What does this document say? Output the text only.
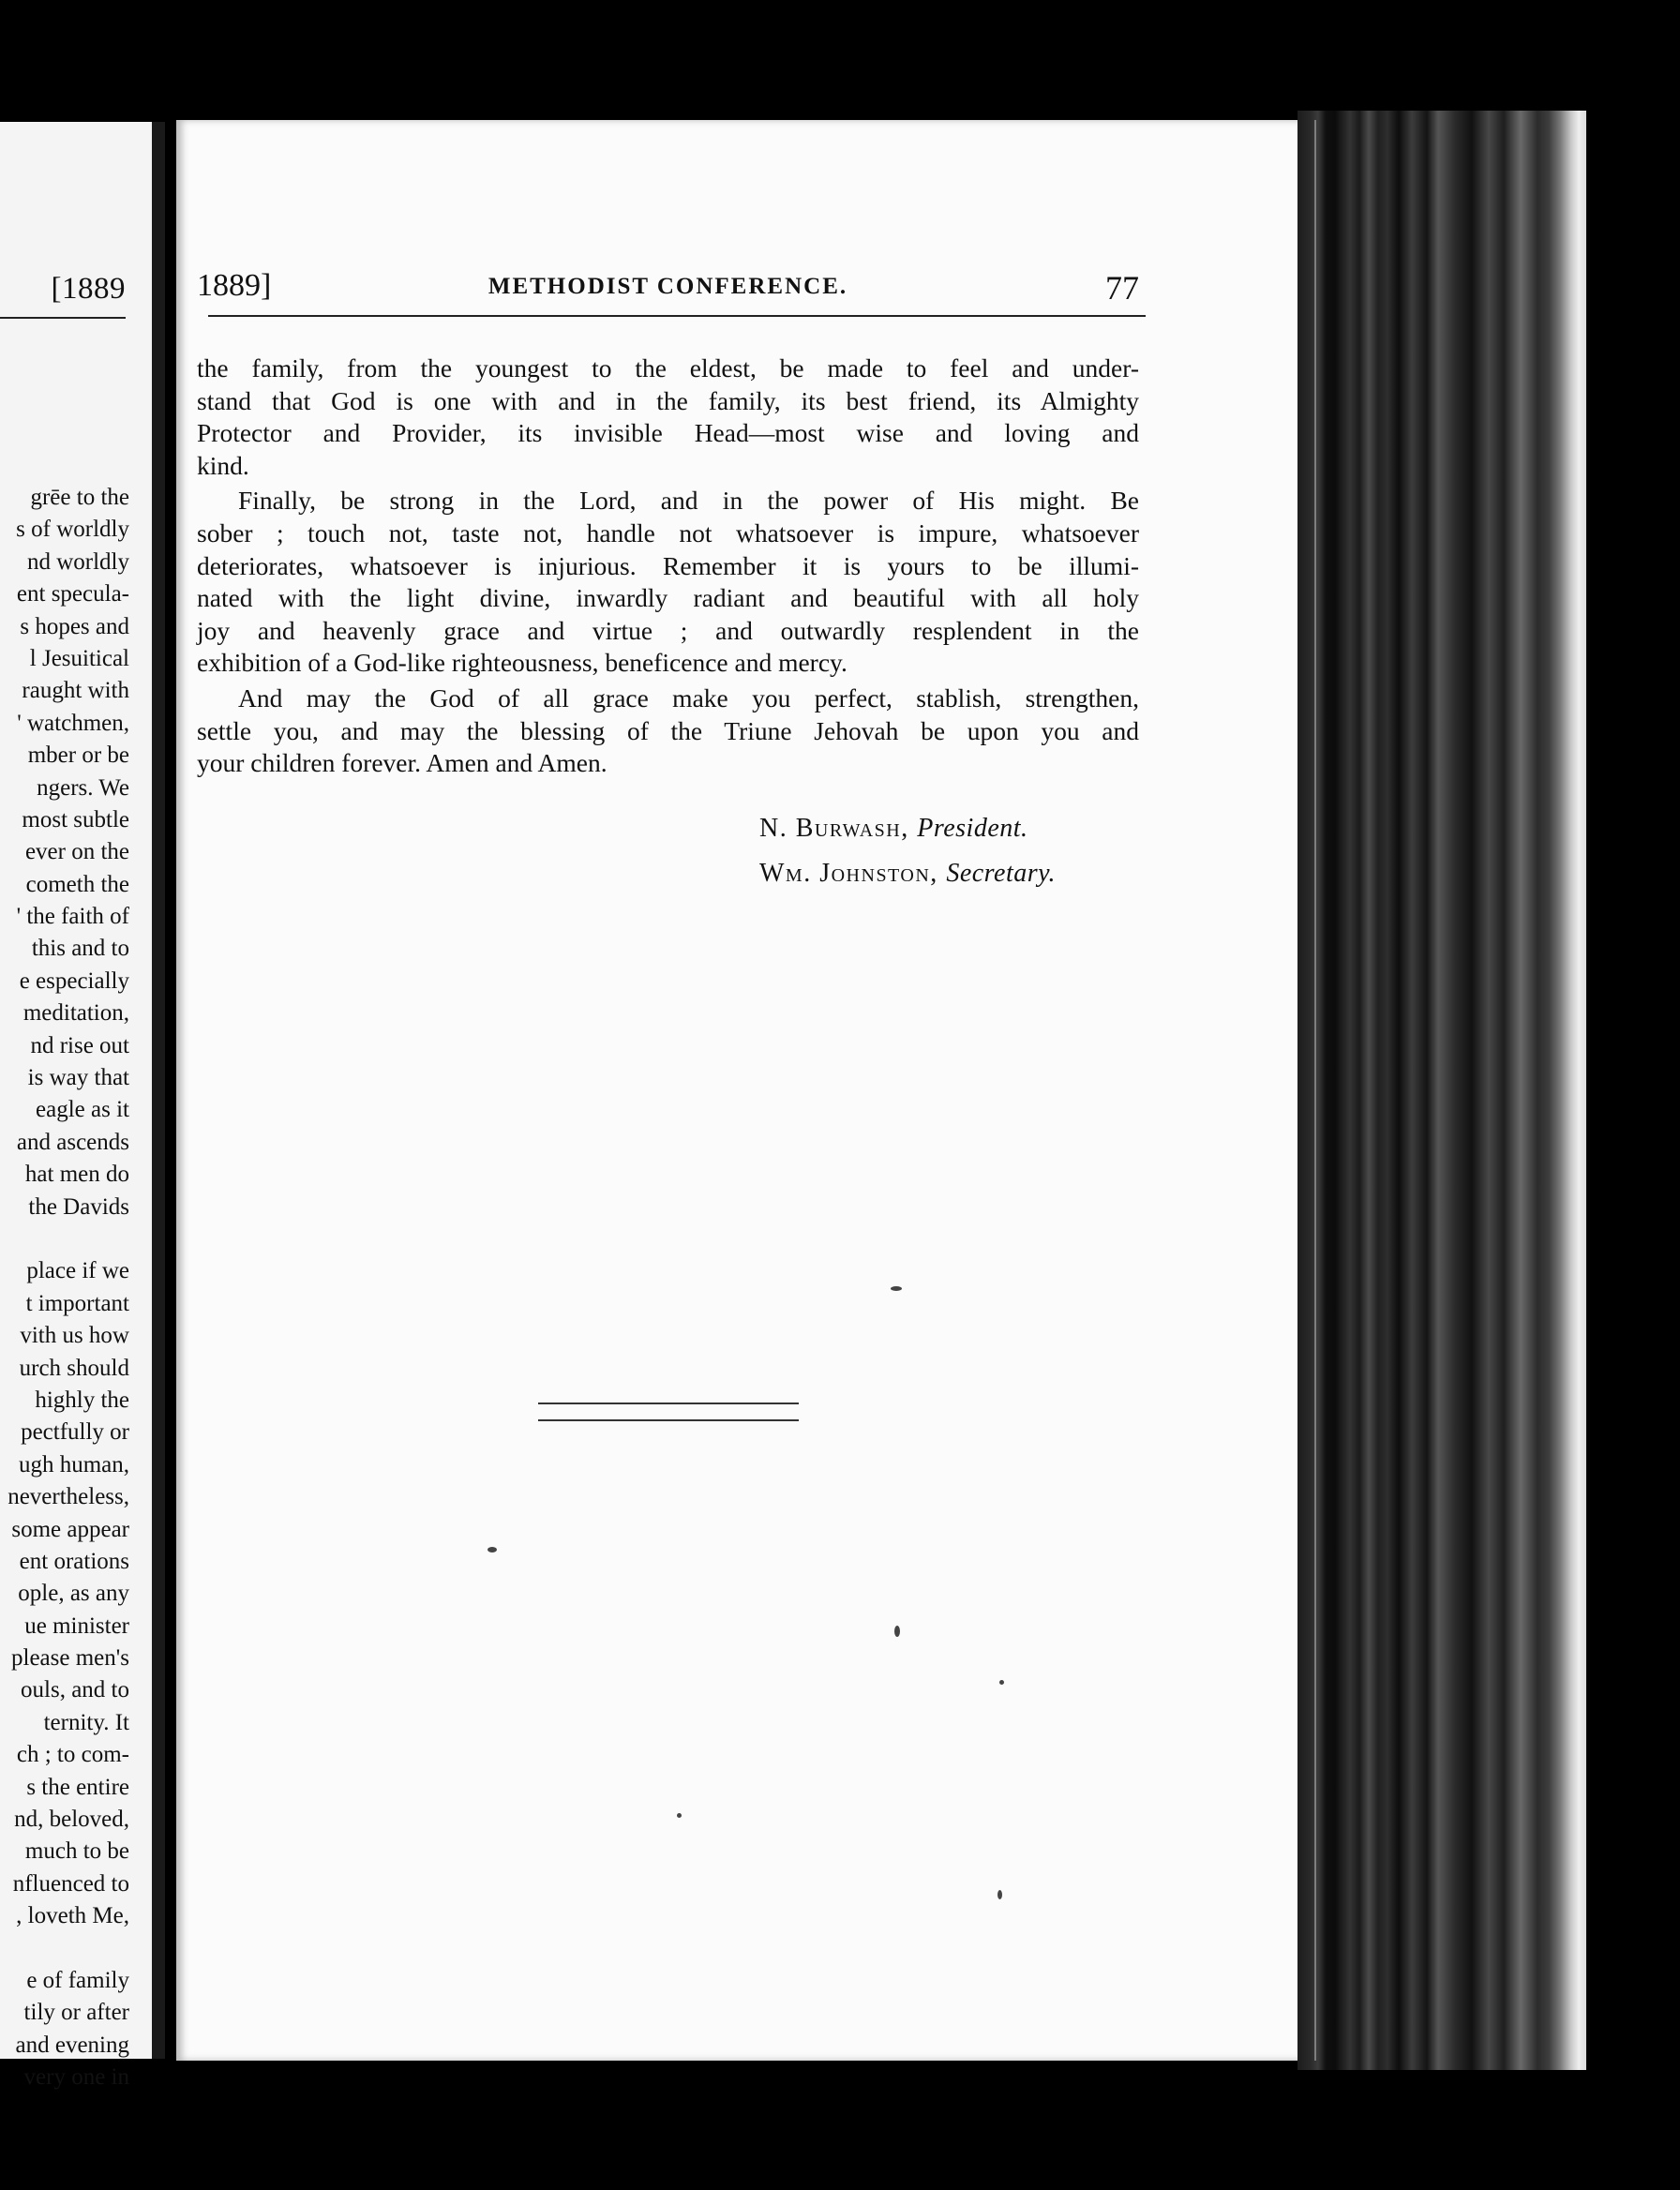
[1889
grēe to the
s of worldly
nd worldly
ent specula-
s hopes and
l Jesuitical
raught with
' watchmen,
mber or be
ngers. We
most subtle
ever on the
cometh the
' the faith of
this and to
e especially
meditation,
nd rise out
is way that
eagle as it
and ascends
hat men do
the Davids
place if we
t important
vith us how
urch should
highly the
pectfully or
ugh human,
nevertheless,
some appear
ent orations
ople, as any
ue minister
please men's
ouls, and to
ternity. It
ch ; to com-
s the entire
nd, beloved,
much to be
nfluenced to
, loveth Me,
e of family
tily or after
and evening
very one in
1889]	METHODIST CONFERENCE.	77
the family, from the youngest to the eldest, be made to feel and under-
stand that God is one with and in the family, its best friend, its Almighty
Protector and Provider, its invisible Head—most wise and loving and
kind.
Finally, be strong in the Lord, and in the power of His might. Be
sober ; touch not, taste not, handle not whatsoever is impure, whatsoever
deteriorates, whatsoever is injurious. Remember it is yours to be illumi-
nated with the light divine, inwardly radiant and beautiful with all holy
joy and heavenly grace and virtue ; and outwardly resplendent in the
exhibition of a God-like righteousness, beneficence and mercy.
And may the God of all grace make you perfect, stablish, strengthen,
settle you, and may the blessing of the Triune Jehovah be upon you and
your children forever. Amen and Amen.
N. Burwash, President.
Wm. Johnston, Secretary.
